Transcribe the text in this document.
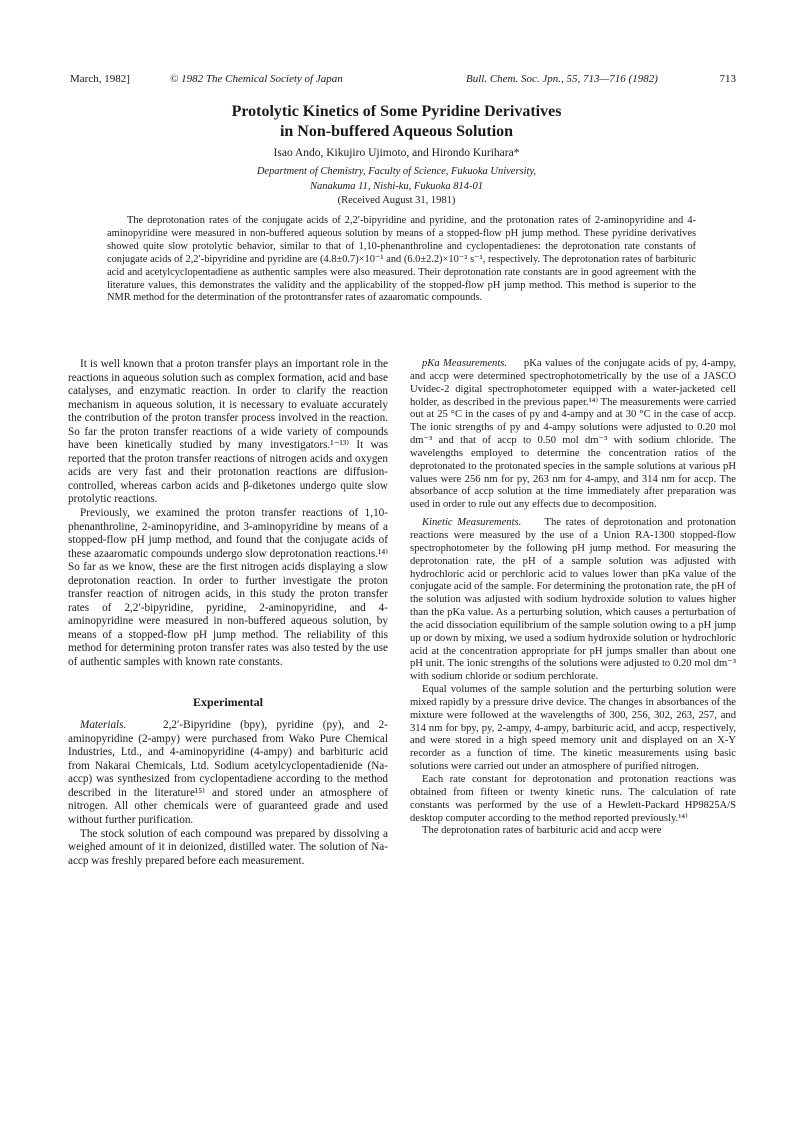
March, 1982]	© 1982 The Chemical Society of Japan	Bull. Chem. Soc. Jpn., 55, 713—716 (1982)	713
Protolytic Kinetics of Some Pyridine Derivatives
in Non-buffered Aqueous Solution
Isao Ando, Kikujiro Ujimoto, and Hirondo Kurihara*
Department of Chemistry, Faculty of Science, Fukuoka University,
Nanakuma 11, Nishi-ku, Fukuoka 814-01
(Received August 31, 1981)
The deprotonation rates of the conjugate acids of 2,2′-bipyridine and pyridine, and the protonation rates of 2-aminopyridine and 4-aminopyridine were measured in non-buffered aqueous solution by means of a stopped-flow pH jump method. These pyridine derivatives showed quite slow protolytic behavior, similar to that of 1,10-phenanthroline and cyclopentadienes: the deprotonation rate constants of conjugate acids of 2,2′-bipyridine and pyridine are (4.8±0.7)×10⁻¹ and (6.0±2.2)×10⁻² s⁻¹, respectively. The deprotonation rates of barbituric acid and acetylcyclopentadiene as authentic samples were also measured. Their deprotonation rate constants are in good agreement with the literature values, this demonstrates the validity and the applicability of the stopped-flow pH jump method. This method is superior to the NMR method for the determination of the protontransfer rates of azaaromatic compounds.

It is well known that a proton transfer plays an important role in the reactions in aqueous solution such as complex formation, acid and base catalyses, and enzymatic reaction. In order to clarify the reaction mechanism in aqueous solution, it is necessary to evaluate accurately the contribution of the proton transfer process involved in the reaction. So far the proton transfer reactions of a wide variety of compounds have been kinetically studied by many investigators.¹⁻¹³⁾ It was reported that the proton transfer reactions of nitrogen acids and oxygen acids are very fast and their protonation reactions are diffusion-controlled, whereas carbon acids and β-diketones undergo quite slow protolytic reactions.

Previously, we examined the proton transfer reactions of 1,10-phenanthroline, 2-aminopyridine, and 3-aminopyridine by means of a stopped-flow pH jump method, and found that the conjugate acids of these azaaromatic compounds undergo slow deprotonation reactions.¹⁴⁾ So far as we know, these are the first nitrogen acids displaying a slow deprotonation reaction. In order to further investigate the proton transfer reaction of nitrogen acids, in this study the proton transfer rates of 2,2′-bipyridine, pyridine, 2-aminopyridine, and 4-aminopyridine were measured in non-buffered aqueous solution, by means of a stopped-flow pH jump method. The reliability of this method for determining proton transfer rates was also tested by the use of authentic samples with known rate constants.

Experimental

Materials.	2,2′-Bipyridine (bpy), pyridine (py), and 2-aminopyridine (2-ampy) were purchased from Wako Pure Chemical Industries, Ltd., and 4-aminopyridine (4-ampy) and barbituric acid from Nakarai Chemicals, Ltd. Sodium acetylcyclopentadienide (Na-accp) was synthesized from cyclopentadiene according to the method described in the literature¹⁵⁾ and stored under an atmosphere of nitrogen. All other chemicals were of guaranteed grade and used without further purification.

The stock solution of each compound was prepared by dissolving a weighed amount of it in deionized, distilled water. The solution of Na-accp was freshly prepared before each measurement.

pKa Measurements. pKa values of the conjugate acids of py, 4-ampy, and accp were determined spectrophotometrically by the use of a JASCO Uvidec-2 digital spectrophotometer equipped with a water-jacketed cell holder, as described in the previous paper.¹⁴⁾ The measurements were carried out at 25 °C in the cases of py and 4-ampy and at 30 °C in the case of accp. The ionic strengths of py and 4-ampy solutions were adjusted to 0.20 mol dm⁻³ and that of accp to 0.50 mol dm⁻³ with sodium chloride. The wavelengths employed to determine the concentration ratios of the deprotonated to the protonated species in the sample solutions at various pH values were 256 nm for py, 263 nm for 4-ampy, and 314 nm for accp. The absorbance of accp solution at the time immediately after preparation was used in order to rule out any effects due to decomposition.

Kinetic Measurements. The rates of deprotonation and protonation reactions were measured by the use of a Union RA-1300 stopped-flow spectrophotometer by the following pH jump method. For measuring the deprotonation rate, the pH of a sample solution was adjusted with hydrochloric acid or perchloric acid to values lower than pKa value of the conjugate acid of the sample. For determining the protonation rate, the pH of the solution was adjusted with sodium hydroxide solution to values higher than the pKa value. As a perturbing solution, which causes a perturbation of the acid dissociation equilibrium of the sample solution owing to a pH jump up or down by mixing, we used a sodium hydroxide solution or hydrochloric acid at the concentration appropriate for pH jumps smaller than about one pH unit. The ionic strengths of the solutions were adjusted to 0.20 mol dm⁻³ with sodium chloride or sodium perchlorate.

Equal volumes of the sample solution and the perturbing solution were mixed rapidly by a pressure drive device. The changes in absorbances of the mixture were followed at the wavelengths of 300, 256, 302, 263, 257, and 314 nm for bpy, py, 2-ampy, 4-ampy, barbituric acid, and accp, respectively, and were stored in a high speed memory unit and displayed on an X-Y recorder as a function of time. The kinetic measurements using basic solutions were carried out under an atmosphere of purified nitrogen.

Each rate constant for deprotonation and protonation reactions was obtained from fifteen or twenty kinetic runs. The calculation of rate constants was performed by the use of a Hewlett-Packard HP9825A/S desktop computer according to the method reported previously.¹⁴⁾

The deprotonation rates of barbituric acid and accp were
